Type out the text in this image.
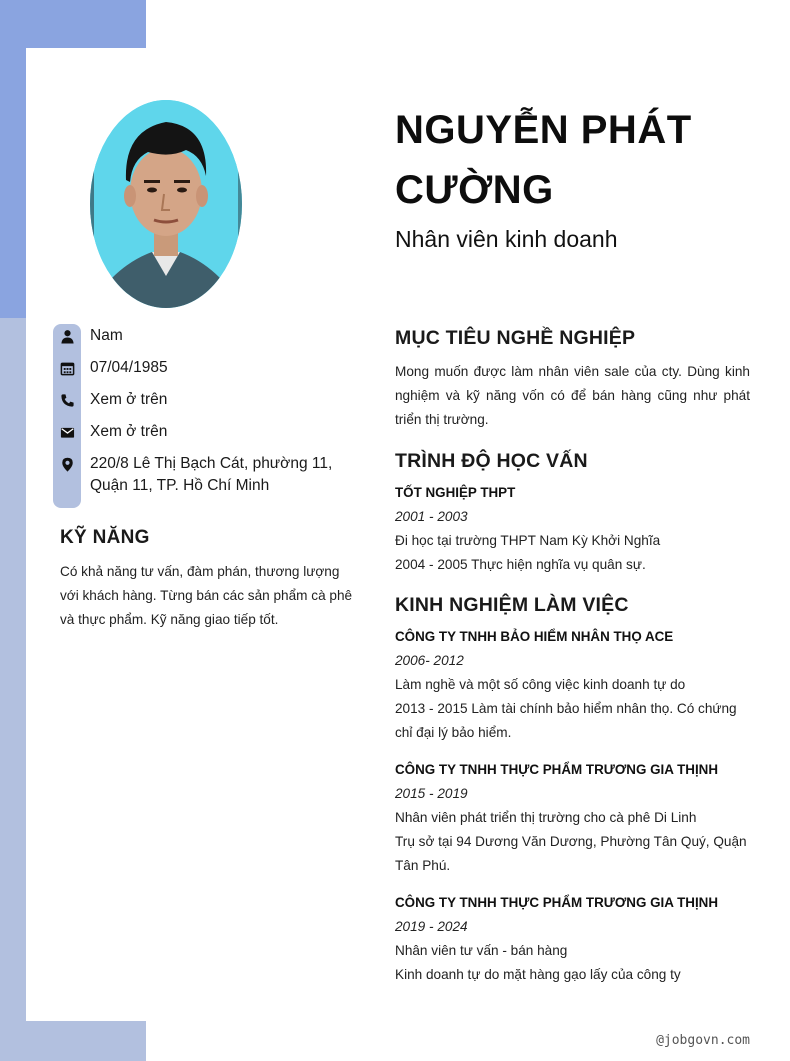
NGUYỄN PHÁT CƯỜNG
Nhân viên kinh doanh
Nam
07/04/1985
Xem ở trên
Xem ở trên
220/8 Lê Thị Bạch Cát, phường 11, Quận 11, TP. Hồ Chí Minh
KỸ NĂNG
Có khả năng tư vấn, đàm phán, thương lượng với khách hàng. Từng bán các sản phẩm cà phê và thực phẩm. Kỹ năng giao tiếp tốt.
MỤC TIÊU NGHỀ NGHIỆP
Mong muốn được làm nhân viên sale của cty. Dùng kinh nghiệm và kỹ năng vốn có để bán hàng cũng như phát triển thị trường.
TRÌNH ĐỘ HỌC VẤN
TỐT NGHIỆP THPT
2001 - 2003
Đi học tại trường THPT Nam Kỳ Khởi Nghĩa
2004 - 2005 Thực hiện nghĩa vụ quân sự.
KINH NGHIỆM LÀM VIỆC
CÔNG TY TNHH BẢO HIỂM NHÂN THỌ ACE
2006- 2012
Làm nghề và một số công việc kinh doanh tự do
2013 - 2015 Làm tài chính bảo hiểm nhân thọ. Có chứng chỉ đại lý bảo hiểm.
CÔNG TY TNHH THỰC PHẨM TRƯƠNG GIA THỊNH
2015 - 2019
Nhân viên phát triển thị trường cho cà phê Di Linh
Trụ sở tại 94 Dương Văn Dương, Phường Tân Quý, Quận Tân Phú.
CÔNG TY TNHH THỰC PHẨM TRƯƠNG GIA THỊNH
2019 - 2024
Nhân viên tư vấn - bán hàng
Kinh doanh tự do mặt hàng gạo lấy của công ty
@jobgovn.com
